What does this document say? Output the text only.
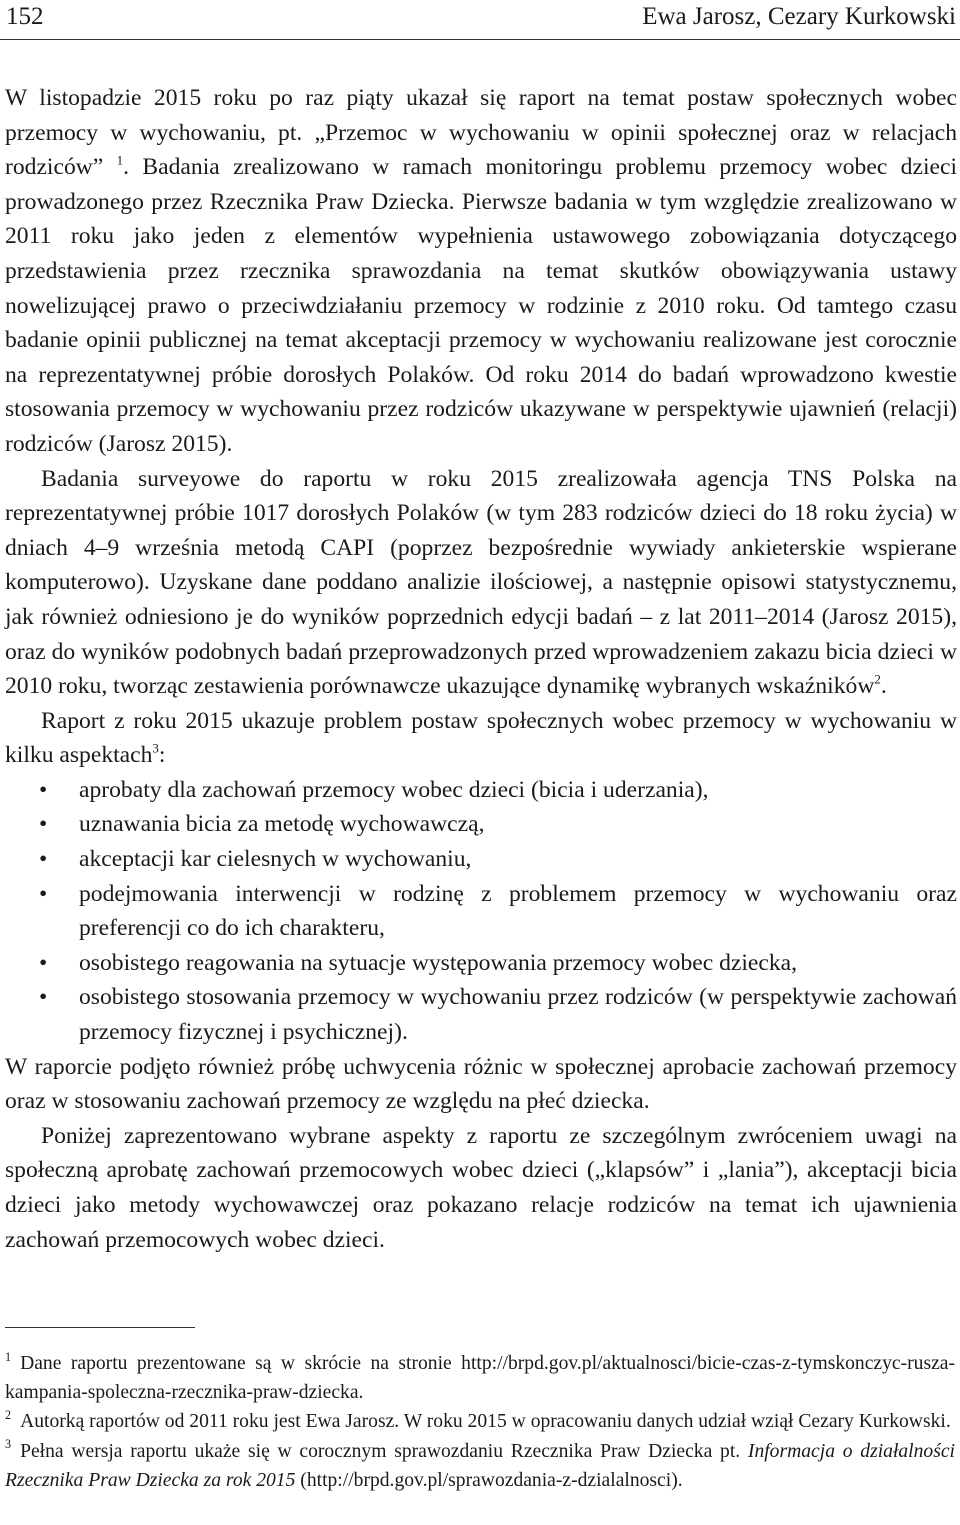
152	Ewa Jarosz, Cezary Kurkowski

W listopadzie 2015 roku po raz piąty ukazał się raport na temat postaw społecznych wobec przemocy w wychowaniu, pt. „Przemoc w wychowaniu w opinii społecznej oraz w relacjach rodziców” $^1$. Badania zrealizowano w ramach monitoringu problemu przemocy wobec dzieci prowadzonego przez Rzecznika Praw Dziecka. Pierwsze badania w tym względzie zrealizowano w 2011 roku jako jeden z elementów wypełnienia ustawowego zobowiązania dotyczącego przedstawienia przez rzecznika sprawozdania na temat skutków obowiązywania ustawy nowelizującej prawo o przeciwdziałaniu przemocy w rodzinie z 2010 roku. Od tamtego czasu badanie opinii publicznej na temat akceptacji przemocy w wychowaniu realizowane jest corocznie na reprezentatywnej próbie dorosłych Polaków. Od roku 2014 do badań wprowadzono kwestie stosowania przemocy w wychowaniu przez rodziców ukazywane w perspektywie ujawnień (relacji) rodziców (Jarosz 2015).

Badania surveyowe do raportu w roku 2015 zrealizowała agencja TNS Polska na reprezentatywnej próbie 1017 dorosłych Polaków (w tym 283 rodziców dzieci do 18 roku życia) w dniach 4–9 września metodą CAPI (poprzez bezpośrednie wywiady ankieterskie wspierane komputerowo). Uzyskane dane poddano analizie ilościowej, a następnie opisowi statystycznemu, jak również odniesiono je do wyników poprzednich edycji badań – z lat 2011–2014 (Jarosz 2015), oraz do wyników podobnych badań przeprowadzonych przed wprowadzeniem zakazu bicia dzieci w 2010 roku, tworząc zestawienia porównawcze ukazujące dynamikę wybranych wskaźników$^2$.

Raport z roku 2015 ukazuje problem postaw społecznych wobec przemocy w wychowaniu w kilku aspektach$^3$:

• aprobaty dla zachowań przemocy wobec dzieci (bicia i uderzania),
• uznawania bicia za metodę wychowawczą,
• akceptacji kar cielesnych w wychowaniu,
• podejmowania interwencji w rodzinę z problemem przemocy w wychowaniu oraz preferencji co do ich charakteru,
• osobistego reagowania na sytuacje występowania przemocy wobec dziecka,
• osobistego stosowania przemocy w wychowaniu przez rodziców (w perspektywie zachowań przemocy fizycznej i psychicznej).

W raporcie podjęto również próbę uchwycenia różnic w społecznej aprobacie zachowań przemocy oraz w stosowaniu zachowań przemocy ze względu na płeć dziecka.

Poniżej zaprezentowano wybrane aspekty z raportu ze szczególnym zwróceniem uwagi na społeczną aprobatę zachowań przemocowych wobec dzieci („klapsów” i „lania”), akceptacji bicia dzieci jako metody wychowawczej oraz pokazano relacje rodziców na temat ich ujawnienia zachowań przemocowych wobec dzieci.

$^1$ Dane raportu prezentowane są w skrócie na stronie http://brpd.gov.pl/aktualnosci/bicie-czas-z-tymskonczyc-rusza-kampania-spoleczna-rzecznika-praw-dziecka.

$^2$ Autorką raportów od 2011 roku jest Ewa Jarosz. W roku 2015 w opracowaniu danych udział wziął Cezary Kurkowski.

$^3$ Pełna wersja raportu ukaże się w corocznym sprawozdaniu Rzecznika Praw Dziecka pt. Informacja o działalności Rzecznika Praw Dziecka za rok 2015 (http://brpd.gov.pl/sprawozdania-z-dzialalnosci).
